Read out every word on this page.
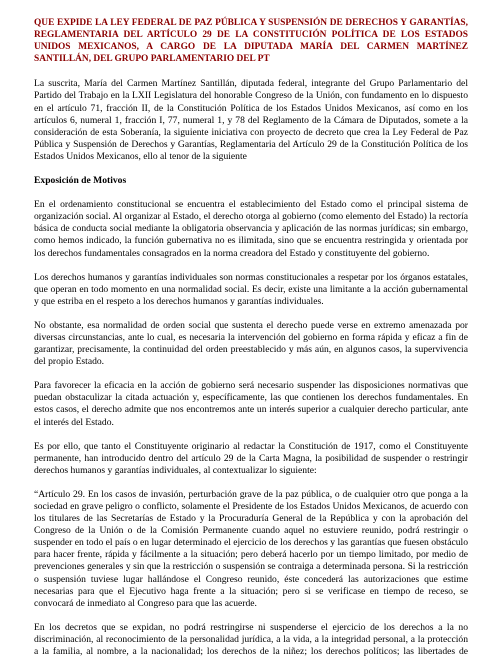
QUE EXPIDE LA LEY FEDERAL DE PAZ PÚBLICA Y SUSPENSIÓN DE DERECHOS Y GARANTÍAS, REGLAMENTARIA DEL ARTÍCULO 29 DE LA CONSTITUCIÓN POLÍTICA DE LOS ESTADOS UNIDOS MEXICANOS, A CARGO DE LA DIPUTADA MARÍA DEL CARMEN MARTÍNEZ SANTILLÁN, DEL GRUPO PARLAMENTARIO DEL PT

La suscrita, María del Carmen Martínez Santillán, diputada federal, integrante del Grupo Parlamentario del Partido del Trabajo en la LXII Legislatura del honorable Congreso de la Unión, con fundamento en lo dispuesto en el artículo 71, fracción II, de la Constitución Política de los Estados Unidos Mexicanos, así como en los artículos 6, numeral 1, fracción I, 77, numeral 1, y 78 del Reglamento de la Cámara de Diputados, somete a la consideración de esta Soberanía, la siguiente iniciativa con proyecto de decreto que crea la Ley Federal de Paz Pública y Suspensión de Derechos y Garantías, Reglamentaria del Artículo 29 de la Constitución Política de los Estados Unidos Mexicanos, ello al tenor de la siguiente

Exposición de Motivos

En el ordenamiento constitucional se encuentra el establecimiento del Estado como el principal sistema de organización social. Al organizar al Estado, el derecho otorga al gobierno (como elemento del Estado) la rectoría básica de conducta social mediante la obligatoria observancia y aplicación de las normas jurídicas; sin embargo, como hemos indicado, la función gubernativa no es ilimitada, sino que se encuentra restringida y orientada por los derechos fundamentales consagrados en la norma creadora del Estado y constituyente del gobierno.

Los derechos humanos y garantías individuales son normas constitucionales a respetar por los órganos estatales, que operan en todo momento en una normalidad social. Es decir, existe una limitante a la acción gubernamental y que estriba en el respeto a los derechos humanos y garantías individuales.

No obstante, esa normalidad de orden social que sustenta el derecho puede verse en extremo amenazada por diversas circunstancias, ante lo cual, es necesaria la intervención del gobierno en forma rápida y eficaz a fin de garantizar, precisamente, la continuidad del orden preestablecido y más aún, en algunos casos, la supervivencia del propio Estado.

Para favorecer la eficacia en la acción de gobierno será necesario suspender las disposiciones normativas que puedan obstaculizar la citada actuación y, específicamente, las que contienen los derechos fundamentales. En estos casos, el derecho admite que nos encontremos ante un interés superior a cualquier derecho particular, ante el interés del Estado.

Es por ello, que tanto el Constituyente originario al redactar la Constitución de 1917, como el Constituyente permanente, han introducido dentro del artículo 29 de la Carta Magna, la posibilidad de suspender o restringir derechos humanos y garantías individuales, al contextualizar lo siguiente:

“Artículo 29. En los casos de invasión, perturbación grave de la paz pública, o de cualquier otro que ponga a la sociedad en grave peligro o conflicto, solamente el Presidente de los Estados Unidos Mexicanos, de acuerdo con los titulares de las Secretarías de Estado y la Procuraduría General de la República y con la aprobación del Congreso de la Unión o de la Comisión Permanente cuando aquel no estuviere reunido, podrá restringir o suspender en todo el país o en lugar determinado el ejercicio de los derechos y las garantías que fuesen obstáculo para hacer frente, rápida y fácilmente a la situación; pero deberá hacerlo por un tiempo limitado, por medio de prevenciones generales y sin que la restricción o suspensión se contraiga a determinada persona. Si la restricción o suspensión tuviese lugar hallándose el Congreso reunido, éste concederá las autorizaciones que estime necesarias para que el Ejecutivo haga frente a la situación; pero si se verificase en tiempo de receso, se convocará de inmediato al Congreso para que las acuerde.

En los decretos que se expidan, no podrá restringirse ni suspenderse el ejercicio de los derechos a la no discriminación, al reconocimiento de la personalidad jurídica, a la vida, a la integridad personal, a la protección a la familia, al nombre, a la nacionalidad; los derechos de la niñez; los derechos políticos; las libertades de
